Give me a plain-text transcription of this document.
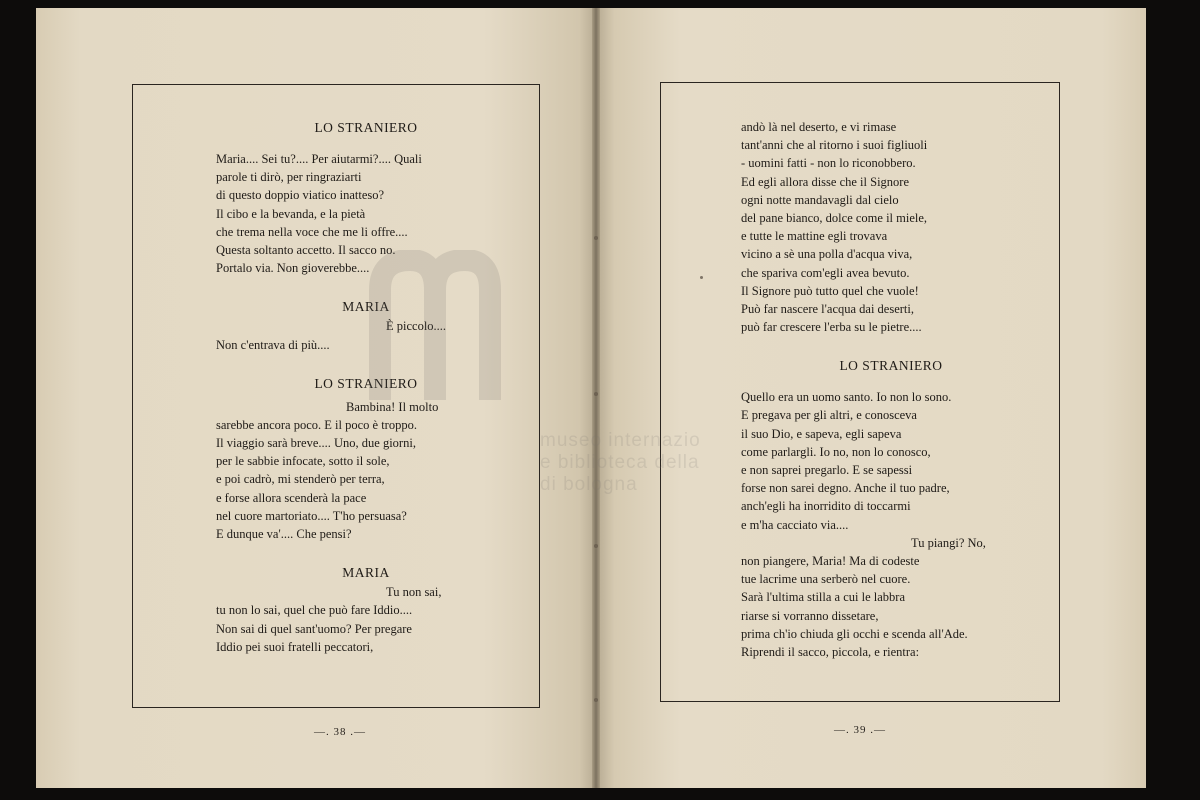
LO STRANIERO
Maria.... Sei tu?.... Per aiutarmi?.... Quali
parole ti dirò, per ringraziarti
di questo doppio viatico inatteso?
Il cibo e la bevanda, e la pietà
che trema nella voce che me li offre....
Questa soltanto accetto. Il sacco no.
Portalo via. Non gioverebbe....
MARIA
È piccolo....
Non c'entrava di più....
LO STRANIERO
Bambina! Il molto
sarebbe ancora poco. E il poco è troppo.
Il viaggio sarà breve.... Uno, due giorni,
per le sabbie infocate, sotto il sole,
e poi cadrò, mi stenderò per terra,
e forse allora scenderà la pace
nel cuore martoriato.... T'ho persuasa?
E dunque va'.... Che pensi?
MARIA
Tu non sai,
tu non lo sai, quel che può fare Iddio....
Non sai di quel sant'uomo? Per pregare
Iddio pei suoi fratelli peccatori,
—. 38 .—
andò là nel deserto, e vi rimase
tant'anni che al ritorno i suoi figliuoli
- uomini fatti - non lo riconobbero.
Ed egli allora disse che il Signore
ogni notte mandavagli dal cielo
del pane bianco, dolce come il miele,
e tutte le mattine egli trovava
vicino a sè una polla d'acqua viva,
che spariva com'egli avea bevuto.
Il Signore può tutto quel che vuole!
Può far nascere l'acqua dai deserti,
può far crescere l'erba su le pietre....
LO STRANIERO
Quello era un uomo santo. Io non lo sono.
E pregava per gli altri, e conosceva
il suo Dio, e sapeva, egli sapeva
come parlargli. Io no, non lo conosco,
e non saprei pregarlo. E se sapessi
forse non sarei degno. Anche il tuo padre,
anch'egli ha inorridito di toccarmi
e m'ha cacciato via....
Tu piangi? No,
non piangere, Maria! Ma di codeste
tue lacrime una serberò nel cuore.
Sarà l'ultima stilla a cui le labbra
riarse si vorranno dissetare,
prima ch'io chiuda gli occhi e scenda all'Ade.
Riprendi il sacco, piccola, e rientra:
—. 39 .—
